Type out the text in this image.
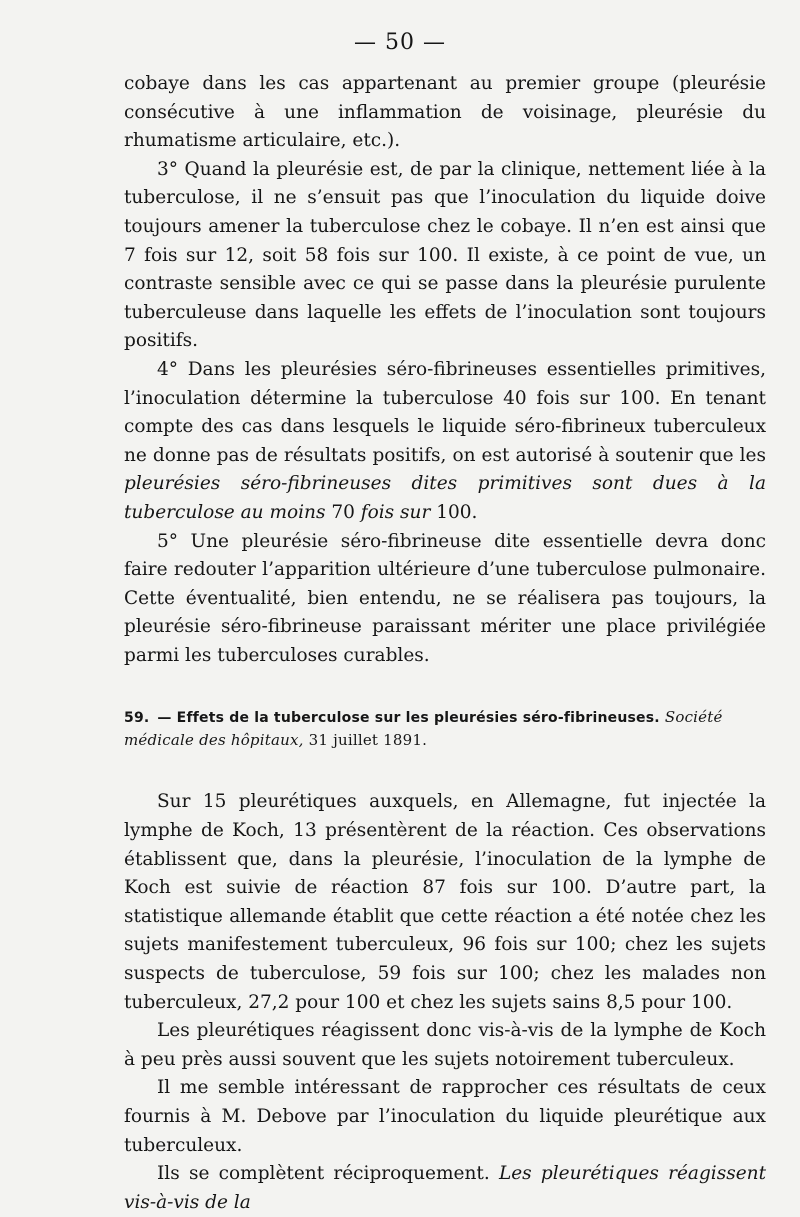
— 50 —

cobaye dans les cas appartenant au premier groupe (pleurésie consécutive à une inflammation de voisinage, pleurésie du rhumatisme articulaire, etc.).

3° Quand la pleurésie est, de par la clinique, nettement liée à la tuberculose, il ne s’ensuit pas que l’inoculation du liquide doive toujours amener la tuberculose chez le cobaye. Il n’en est ainsi que 7 fois sur 12, soit 58 fois sur 100. Il existe, à ce point de vue, un contraste sensible avec ce qui se passe dans la pleurésie purulente tuberculeuse dans laquelle les effets de l’inoculation sont toujours positifs.

4° Dans les pleurésies séro-fibrineuses essentielles primitives, l’inoculation détermine la tuberculose 40 fois sur 100. En tenant compte des cas dans lesquels le liquide séro-fibrineux tuberculeux ne donne pas de résultats positifs, on est autorisé à soutenir que les pleurésies séro-fibrineuses dites primitives sont dues à la tuberculose au moins 70 fois sur 100.

5° Une pleurésie séro-fibrineuse dite essentielle devra donc faire redouter l’apparition ultérieure d’une tuberculose pulmonaire. Cette éventualité, bien entendu, ne se réalisera pas toujours, la pleurésie séro-fibrineuse paraissant mériter une place privilégiée parmi les tuberculoses curables.

59. — Effets de la tuberculose sur les pleurésies séro-fibrineuses. Société médicale des hôpitaux, 31 juillet 1891.

Sur 15 pleurétiques auxquels, en Allemagne, fut injectée la lymphe de Koch, 13 présentèrent de la réaction. Ces observations établissent que, dans la pleurésie, l’inoculation de la lymphe de Koch est suivie de réaction 87 fois sur 100. D’autre part, la statistique allemande établit que cette réaction a été notée chez les sujets manifestement tuberculeux, 96 fois sur 100; chez les sujets suspects de tuberculose, 59 fois sur 100; chez les malades non tuberculeux, 27,2 pour 100 et chez les sujets sains 8,5 pour 100.

Les pleurétiques réagissent donc vis-à-vis de la lymphe de Koch à peu près aussi souvent que les sujets notoirement tuberculeux.

Il me semble intéressant de rapprocher ces résultats de ceux fournis à M. Debove par l’inoculation du liquide pleurétique aux tuberculeux.

Ils se complètent réciproquement. Les pleurétiques réagissent vis-à-vis de la
